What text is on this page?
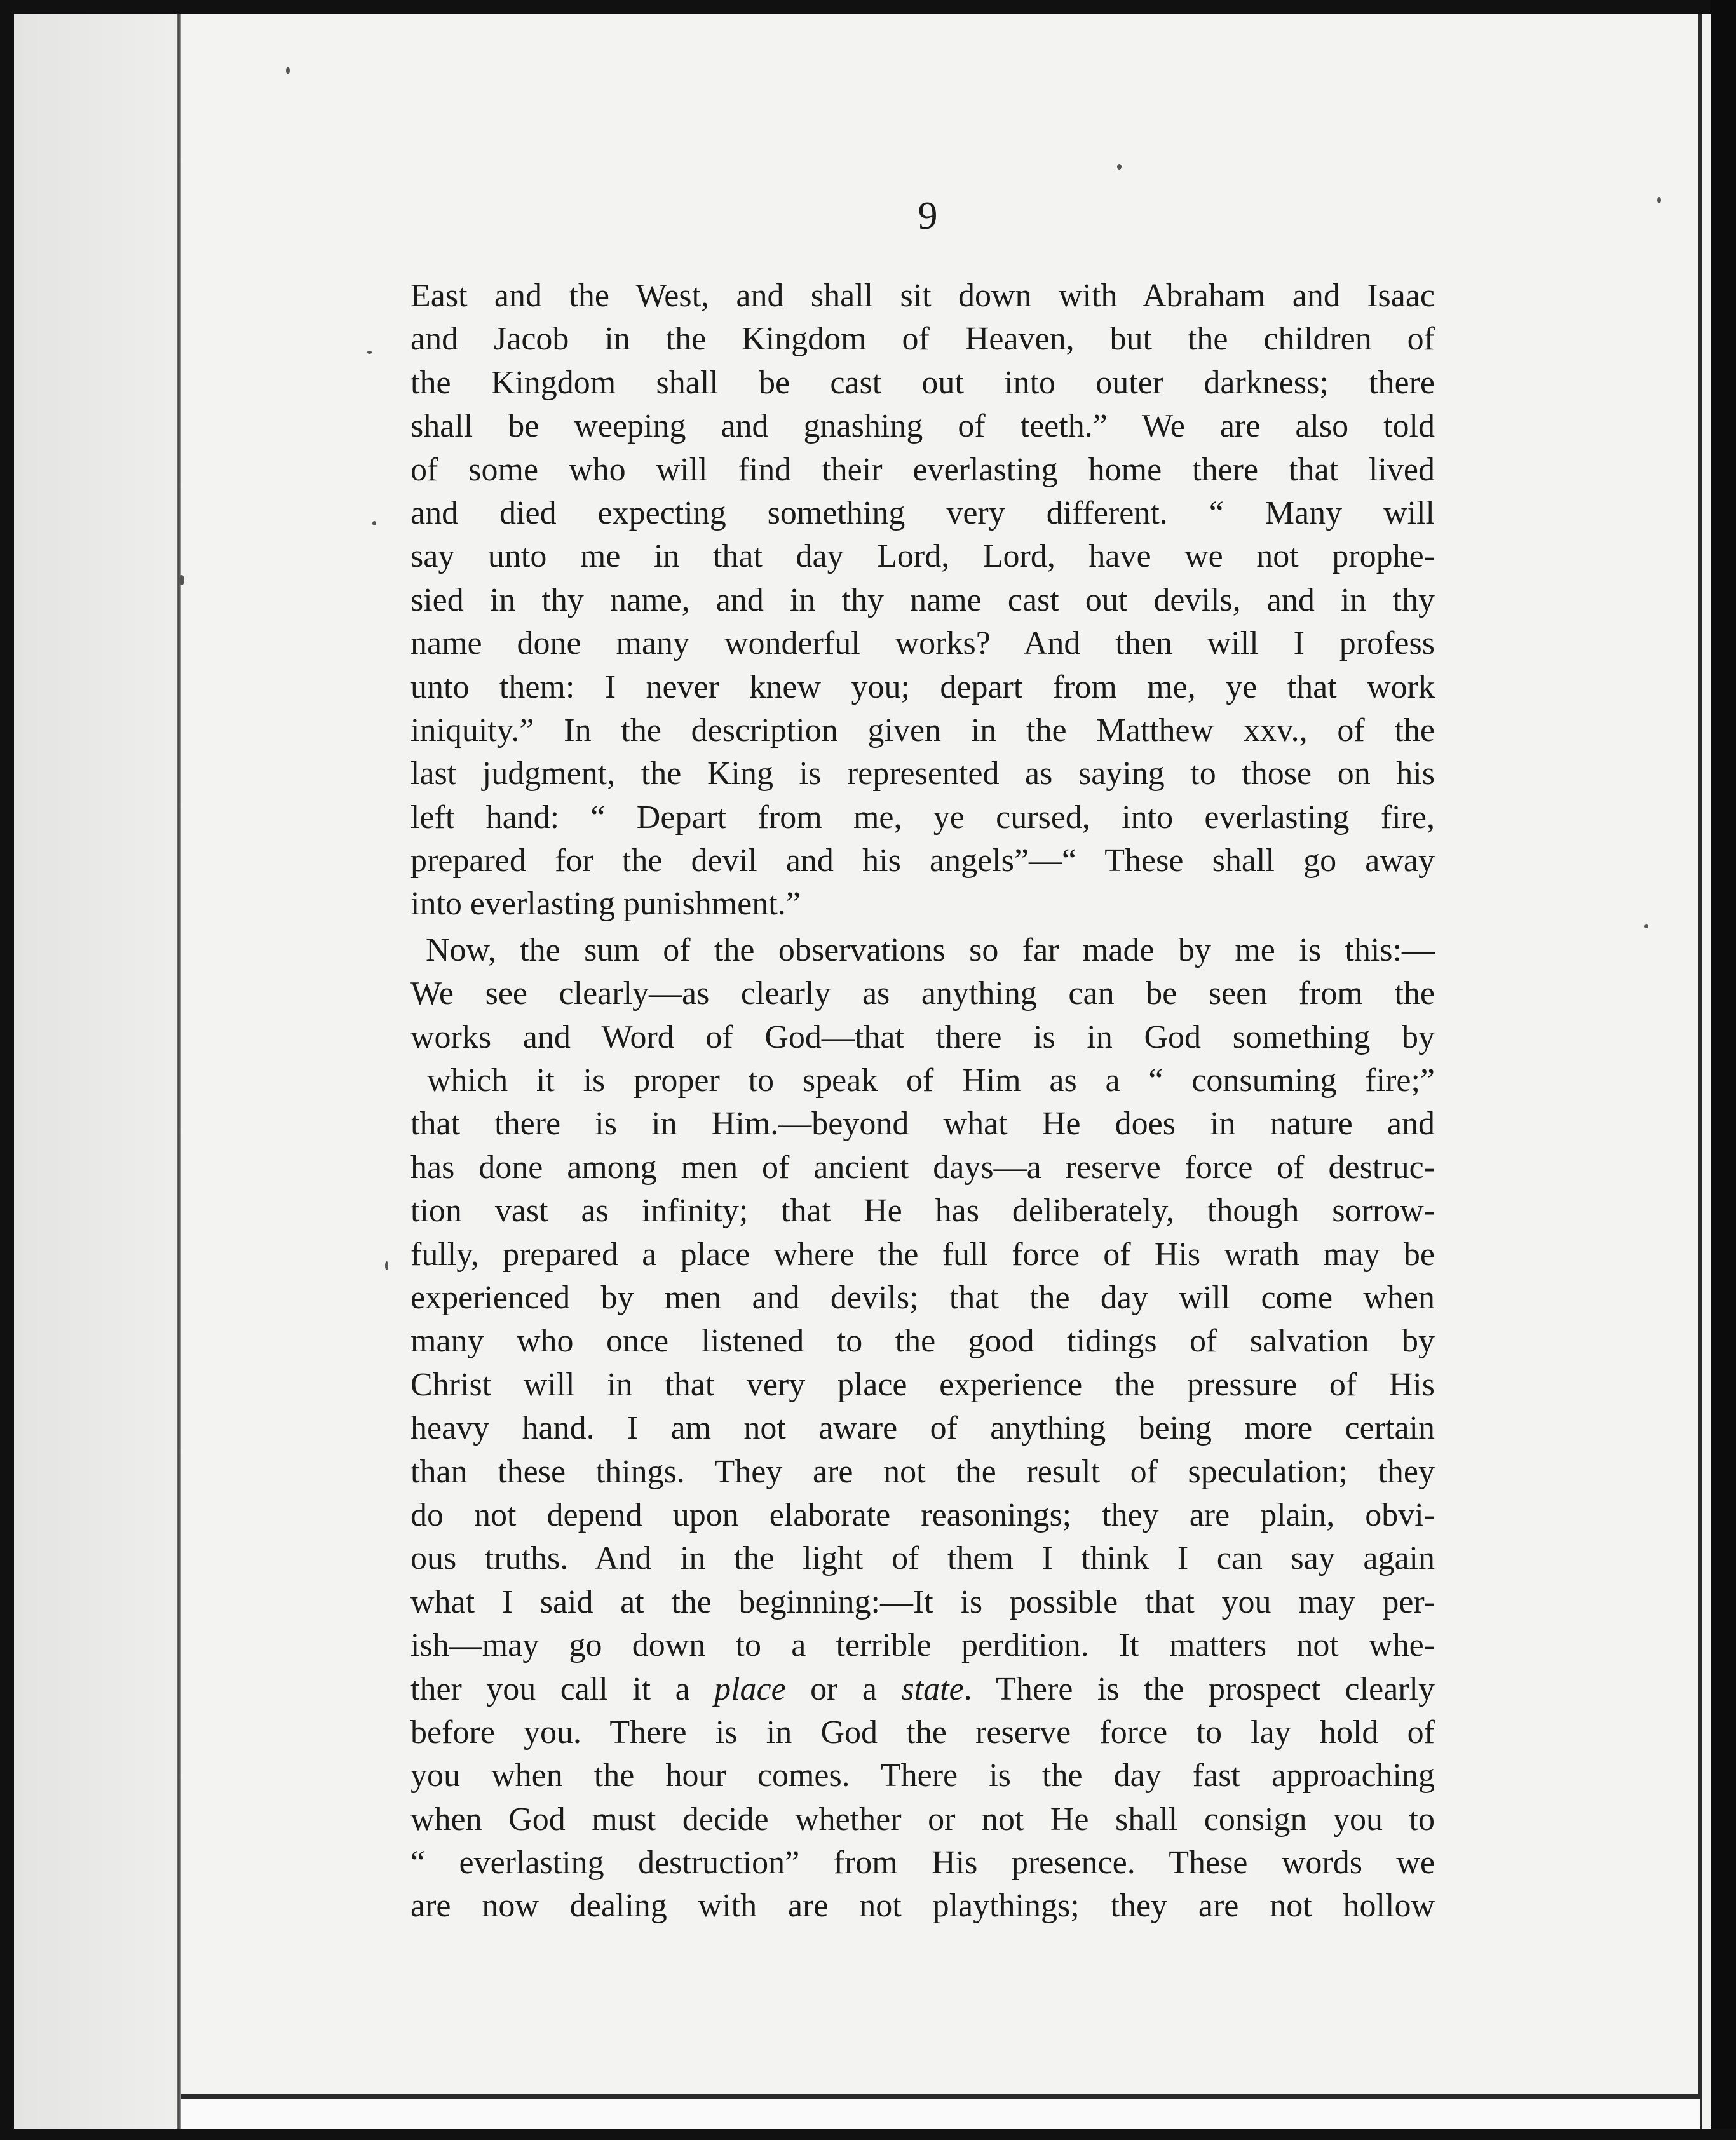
9
East and the West, and shall sit down with Abraham and Isaac
and Jacob in the Kingdom of Heaven, but the children of
the Kingdom shall be cast out into outer darkness; there
shall be weeping and gnashing of teeth.” We are also told
of some who will find their everlasting home there that lived
and died expecting something very different. “ Many will
say unto me in that day Lord, Lord, have we not prophe-
sied in thy name, and in thy name cast out devils, and in thy
name done many wonderful works? And then will I profess
unto them: I never knew you; depart from me, ye that work
iniquity.” In the description given in the Matthew xxv., of the
last judgment, the King is represented as saying to those on his
left hand: “ Depart from me, ye cursed, into everlasting fire,
prepared for the devil and his angels”—“ These shall go away
into everlasting punishment.”
Now, the sum of the observations so far made by me is this:—
We see clearly—as clearly as anything can be seen from the
works and Word of God—that there is in God something by
which it is proper to speak of Him as a “ consuming fire;”
that there is in Him.—beyond what He does in nature and
has done among men of ancient days—a reserve force of destruc-
tion vast as infinity; that He has deliberately, though sorrow-
fully, prepared a place where the full force of His wrath may be
experienced by men and devils; that the day will come when
many who once listened to the good tidings of salvation by
Christ will in that very place experience the pressure of His
heavy hand. I am not aware of anything being more certain
than these things. They are not the result of speculation; they
do not depend upon elaborate reasonings; they are plain, obvi-
ous truths. And in the light of them I think I can say again
what I said at the beginning:—It is possible that you may per-
ish—may go down to a terrible perdition. It matters not whe-
ther you call it a place or a state. There is the prospect clearly
before you. There is in God the reserve force to lay hold of
you when the hour comes. There is the day fast approaching
when God must decide whether or not He shall consign you to
“ everlasting destruction” from His presence. These words we
are now dealing with are not playthings; they are not hollow
